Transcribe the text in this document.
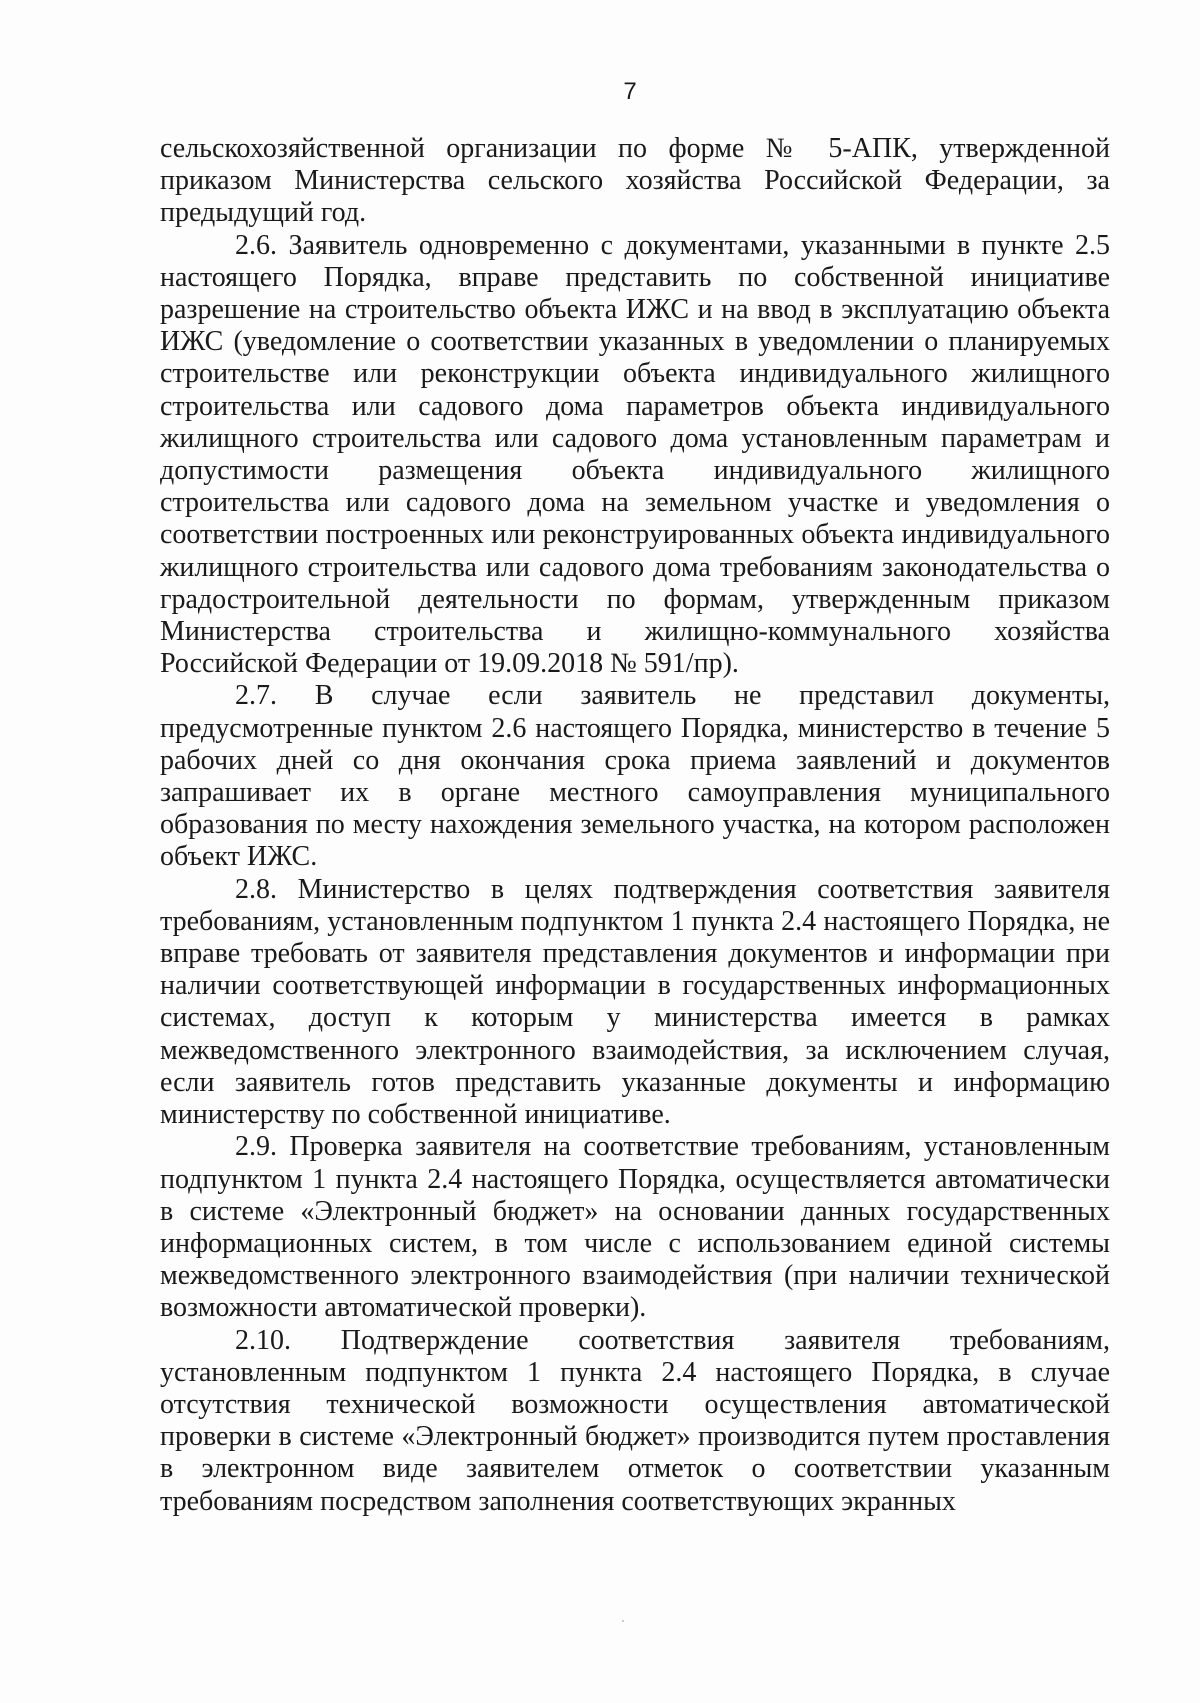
7

сельскохозяйственной организации по форме № 5-АПК, утвержденной приказом Министерства сельского хозяйства Российской Федерации, за предыдущий год.

2.6. Заявитель одновременно с документами, указанными в пункте 2.5 настоящего Порядка, вправе представить по собственной инициативе разрешение на строительство объекта ИЖС и на ввод в эксплуатацию объекта ИЖС (уведомление о соответствии указанных в уведомлении о планируемых строительстве или реконструкции объекта индивидуального жилищного строительства или садового дома параметров объекта индивидуального жилищного строительства или садового дома установленным параметрам и допустимости размещения объекта индивидуального жилищного строительства или садового дома на земельном участке и уведомления о соответствии построенных или реконструированных объекта индивидуального жилищного строительства или садового дома требованиям законодательства о градостроительной деятельности по формам, утвержденным приказом Министерства строительства и жилищно-коммунального хозяйства Российской Федерации от 19.09.2018 № 591/пр).

2.7. В случае если заявитель не представил документы, предусмотренные пунктом 2.6 настоящего Порядка, министерство в течение 5 рабочих дней со дня окончания срока приема заявлений и документов запрашивает их в органе местного самоуправления муниципального образования по месту нахождения земельного участка, на котором расположен объект ИЖС.

2.8. Министерство в целях подтверждения соответствия заявителя требованиям, установленным подпунктом 1 пункта 2.4 настоящего Порядка, не вправе требовать от заявителя представления документов и информации при наличии соответствующей информации в государственных информационных системах, доступ к которым у министерства имеется в рамках межведомственного электронного взаимодействия, за исключением случая, если заявитель готов представить указанные документы и информацию министерству по собственной инициативе.

2.9. Проверка заявителя на соответствие требованиям, установленным подпунктом 1 пункта 2.4 настоящего Порядка, осуществляется автоматически в системе «Электронный бюджет» на основании данных государственных информационных систем, в том числе с использованием единой системы межведомственного электронного взаимодействия (при наличии технической возможности автоматической проверки).

2.10. Подтверждение соответствия заявителя требованиям, установленным подпунктом 1 пункта 2.4 настоящего Порядка, в случае отсутствия технической возможности осуществления автоматической проверки в системе «Электронный бюджет» производится путем проставления в электронном виде заявителем отметок о соответствии указанным требованиям посредством заполнения соответствующих экранных
